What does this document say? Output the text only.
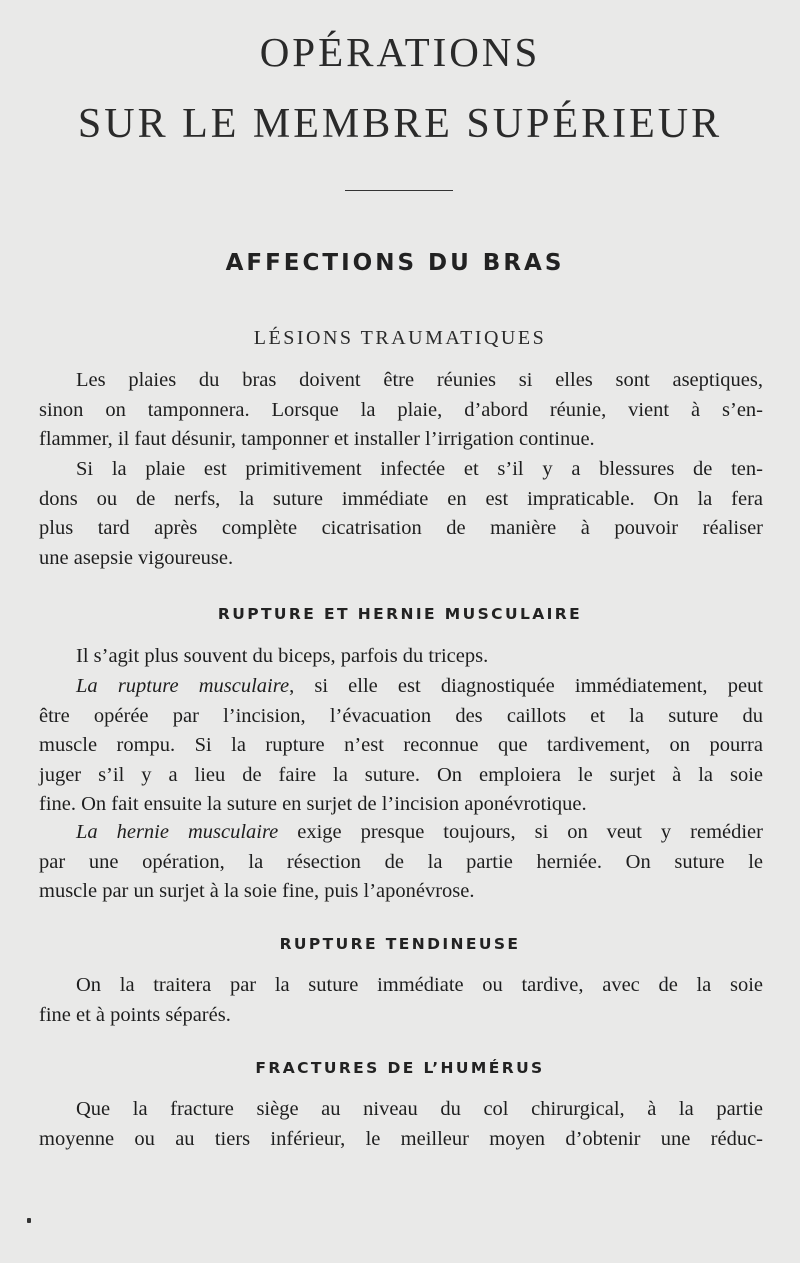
OPÉRATIONS
SUR LE MEMBRE SUPÉRIEUR
AFFECTIONS DU BRAS
LÉSIONS TRAUMATIQUES
Les plaies du bras doivent être réunies si elles sont aseptiques,
sinon on tamponnera. Lorsque la plaie, d’abord réunie, vient à s’en-
flammer, il faut désunir, tamponner et installer l’irrigation continue.
Si la plaie est primitivement infectée et s’il y a blessures de ten-
dons ou de nerfs, la suture immédiate en est impraticable. On la fera
plus tard après complète cicatrisation de manière à pouvoir réaliser
une asepsie vigoureuse.
RUPTURE ET HERNIE MUSCULAIRE
Il s’agit plus souvent du biceps, parfois du triceps.
La rupture musculaire, si elle est diagnostiquée immédiatement, peut
être opérée par l’incision, l’évacuation des caillots et la suture du
muscle rompu. Si la rupture n’est reconnue que tardivement, on pourra
juger s’il y a lieu de faire la suture. On emploiera le surjet à la soie
fine. On fait ensuite la suture en surjet de l’incision aponévrotique.
La hernie musculaire exige presque toujours, si on veut y remédier
par une opération, la résection de la partie herniée. On suture le
muscle par un surjet à la soie fine, puis l’aponévrose.
RUPTURE TENDINEUSE
On la traitera par la suture immédiate ou tardive, avec de la soie
fine et à points séparés.
FRACTURES DE L’HUMÉRUS
Que la fracture siège au niveau du col chirurgical, à la partie
moyenne ou au tiers inférieur, le meilleur moyen d’obtenir une réduc-
